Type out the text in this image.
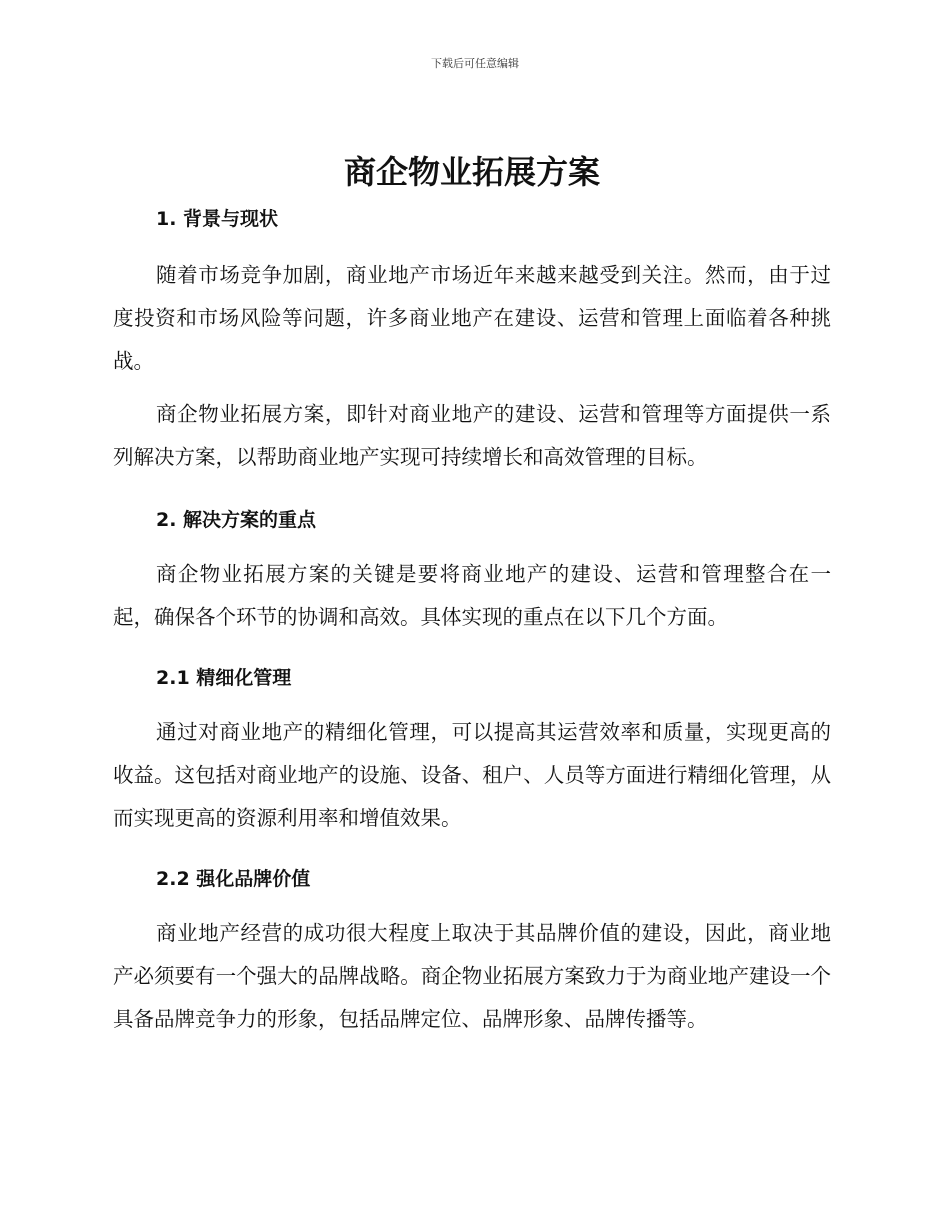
下载后可任意编辑
商企物业拓展方案
1. 背景与现状

随着市场竞争加剧，商业地产市场近年来越来越受到关注。然而，由于过度投资和市场风险等问题，许多商业地产在建设、运营和管理上面临着各种挑战。

商企物业拓展方案，即针对商业地产的建设、运营和管理等方面提供一系列解决方案，以帮助商业地产实现可持续增长和高效管理的目标。

2. 解决方案的重点

商企物业拓展方案的关键是要将商业地产的建设、运营和管理整合在一起，确保各个环节的协调和高效。具体实现的重点在以下几个方面。

2.1 精细化管理

通过对商业地产的精细化管理，可以提高其运营效率和质量，实现更高的收益。这包括对商业地产的设施、设备、租户、人员等方面进行精细化管理，从而实现更高的资源利用率和增值效果。

2.2 强化品牌价值

商业地产经营的成功很大程度上取决于其品牌价值的建设，因此，商业地产必须要有一个强大的品牌战略。商企物业拓展方案致力于为商业地产建设一个具备品牌竞争力的形象，包括品牌定位、品牌形象、品牌传播等。
